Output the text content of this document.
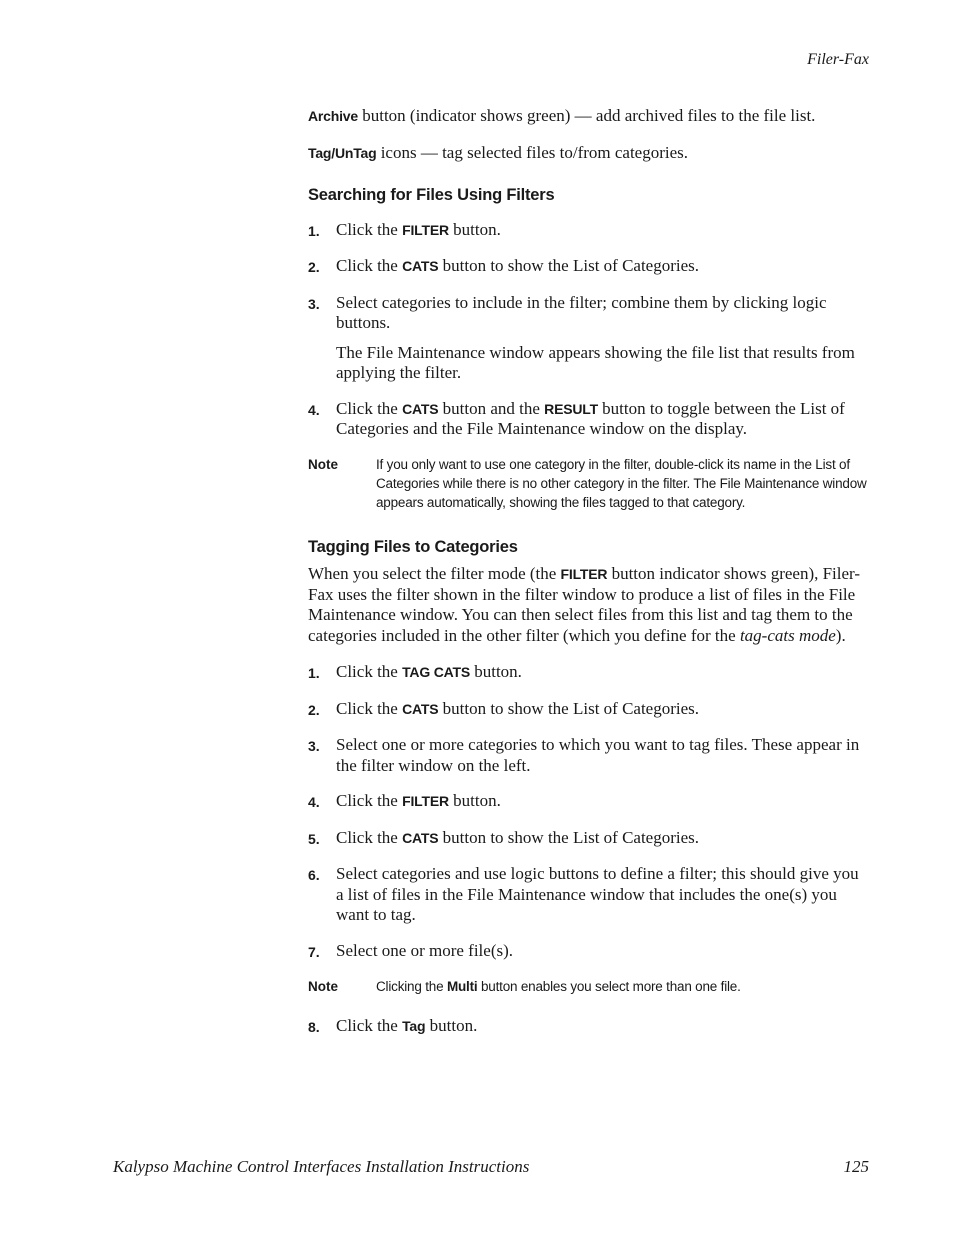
Filer-Fax

Archive button (indicator shows green) — add archived files to the file list.

Tag/UnTag icons — tag selected files to/from categories.

Searching for Files Using Filters
1. Click the FILTER button.
2. Click the CATS button to show the List of Categories.
3. Select categories to include in the filter; combine them by clicking logic buttons.

The File Maintenance window appears showing the file list that results from applying the filter.

4. Click the CATS button and the RESULT button to toggle between the List of Categories and the File Maintenance window on the display.
Note	If you only want to use one category in the filter, double-click its name in the List of Categories while there is no other category in the filter. The File Maintenance window appears automatically, showing the files tagged to that category.
Tagging Files to Categories

When you select the filter mode (the FILTER button indicator shows green), Filer-Fax uses the filter shown in the filter window to produce a list of files in the File Maintenance window. You can then select files from this list and tag them to the categories included in the other filter (which you define for the tag-cats mode).

1. Click the TAG CATS button.
2. Click the CATS button to show the List of Categories.
3. Select one or more categories to which you want to tag files. These appear in the filter window on the left.
4. Click the FILTER button.
5. Click the CATS button to show the List of Categories.
6. Select categories and use logic buttons to define a filter; this should give you a list of files in the File Maintenance window that includes the one(s) you want to tag.
7. Select one or more file(s).
Note	Clicking the Multi button enables you select more than one file.
8. Click the Tag button.
Kalypso Machine Control Interfaces Installation Instructions	125
